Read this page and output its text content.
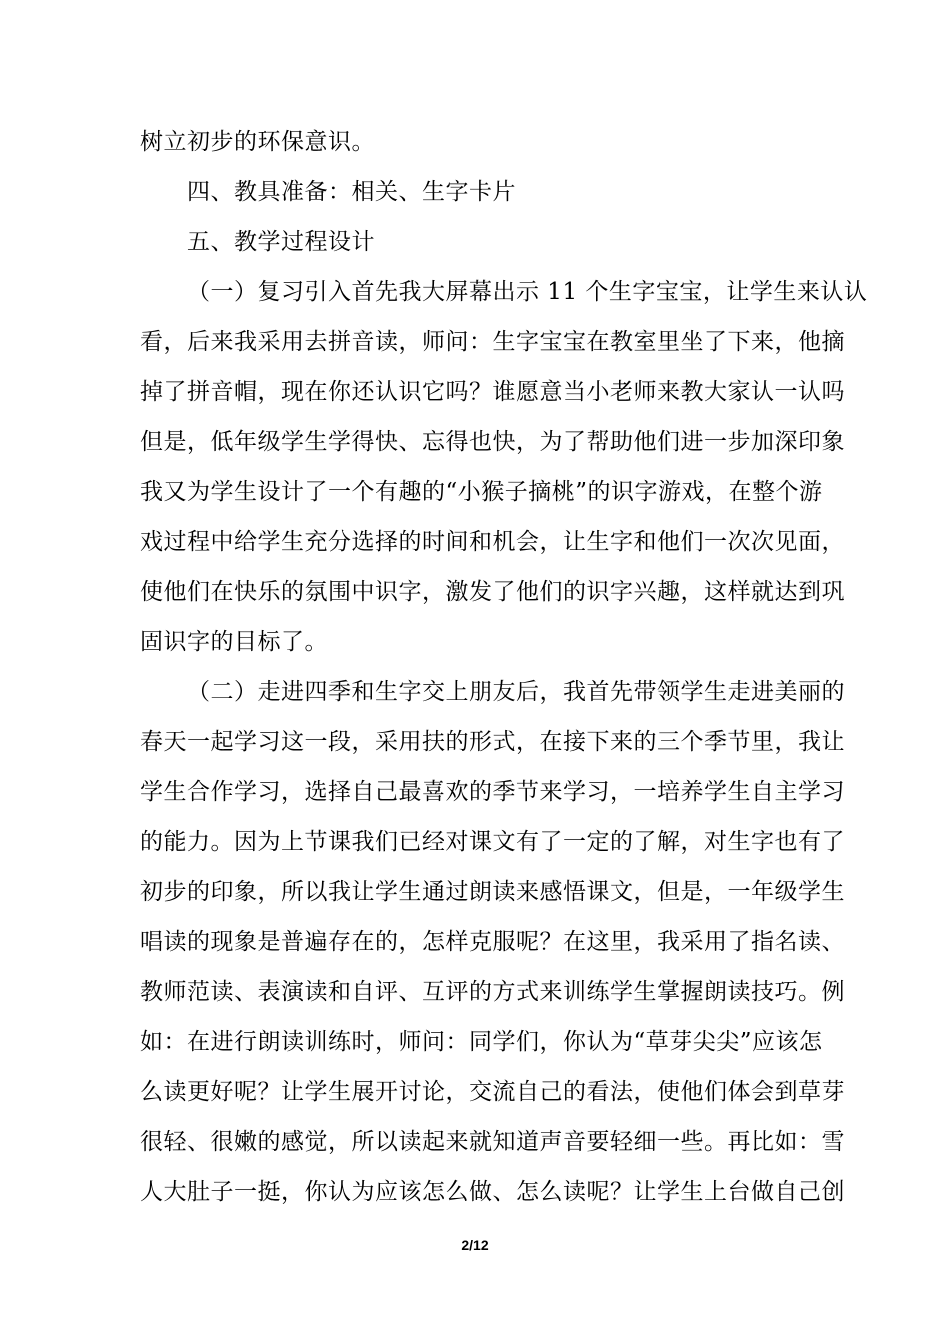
树立初步的环保意识。
四、教具准备：相关、生字卡片
五、教学过程设计
（一）复习引入首先我大屏幕出示 11 个生字宝宝，让学生来认认
看，后来我采用去拼音读，师问：生字宝宝在教室里坐了下来，他摘
掉了拼音帽，现在你还认识它吗？谁愿意当小老师来教大家认一认吗
但是，低年级学生学得快、忘得也快，为了帮助他们进一步加深印象
我又为学生设计了一个有趣的“小猴子摘桃”的识字游戏，在整个游
戏过程中给学生充分选择的时间和机会，让生字和他们一次次见面，
使他们在快乐的氛围中识字，激发了他们的识字兴趣，这样就达到巩
固识字的目标了。
（二）走进四季和生字交上朋友后，我首先带领学生走进美丽的
春天一起学习这一段，采用扶的形式，在接下来的三个季节里，我让
学生合作学习，选择自己最喜欢的季节来学习，一培养学生自主学习
的能力。因为上节课我们已经对课文有了一定的了解，对生字也有了
初步的印象，所以我让学生通过朗读来感悟课文，但是，一年级学生
唱读的现象是普遍存在的，怎样克服呢？在这里，我采用了指名读、
教师范读、表演读和自评、互评的方式来训练学生掌握朗读技巧。例
如：在进行朗读训练时，师问：同学们，你认为“草芽尖尖”应该怎
么读更好呢？让学生展开讨论，交流自己的看法，使他们体会到草芽
很轻、很嫩的感觉，所以读起来就知道声音要轻细一些。再比如：雪
人大肚子一挺，你认为应该怎么做、怎么读呢？让学生上台做自己创
2/12
